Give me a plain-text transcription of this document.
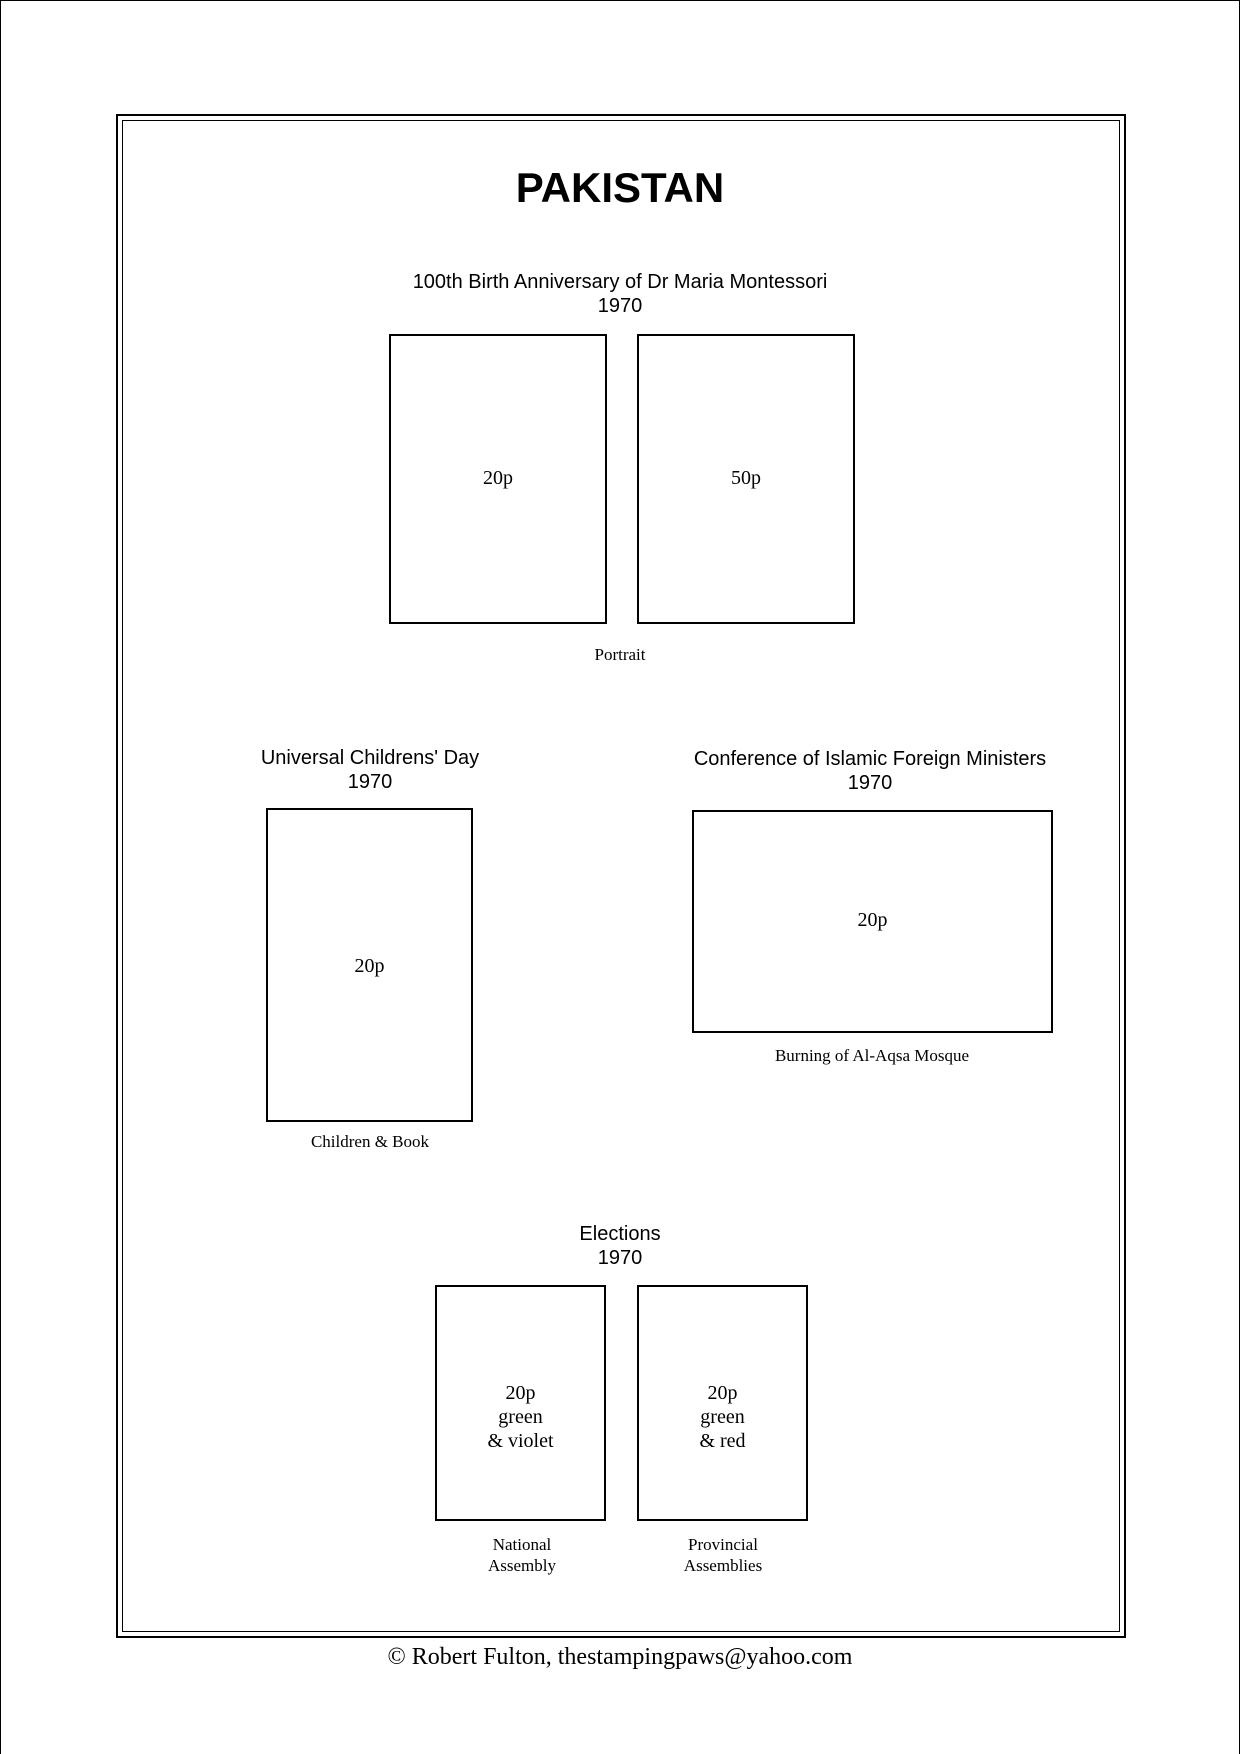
PAKISTAN
100th Birth Anniversary of Dr Maria Montessori
1970
20p	50p
Portrait
Universal Childrens' Day
1970
20p
Children & Book
Conference of Islamic Foreign Ministers
1970
20p
Burning of Al-Aqsa Mosque
Elections
1970
20p
green
& violet
20p
green
& red
National
Assembly
Provincial
Assemblies
© Robert Fulton, thestampingpaws@yahoo.com
